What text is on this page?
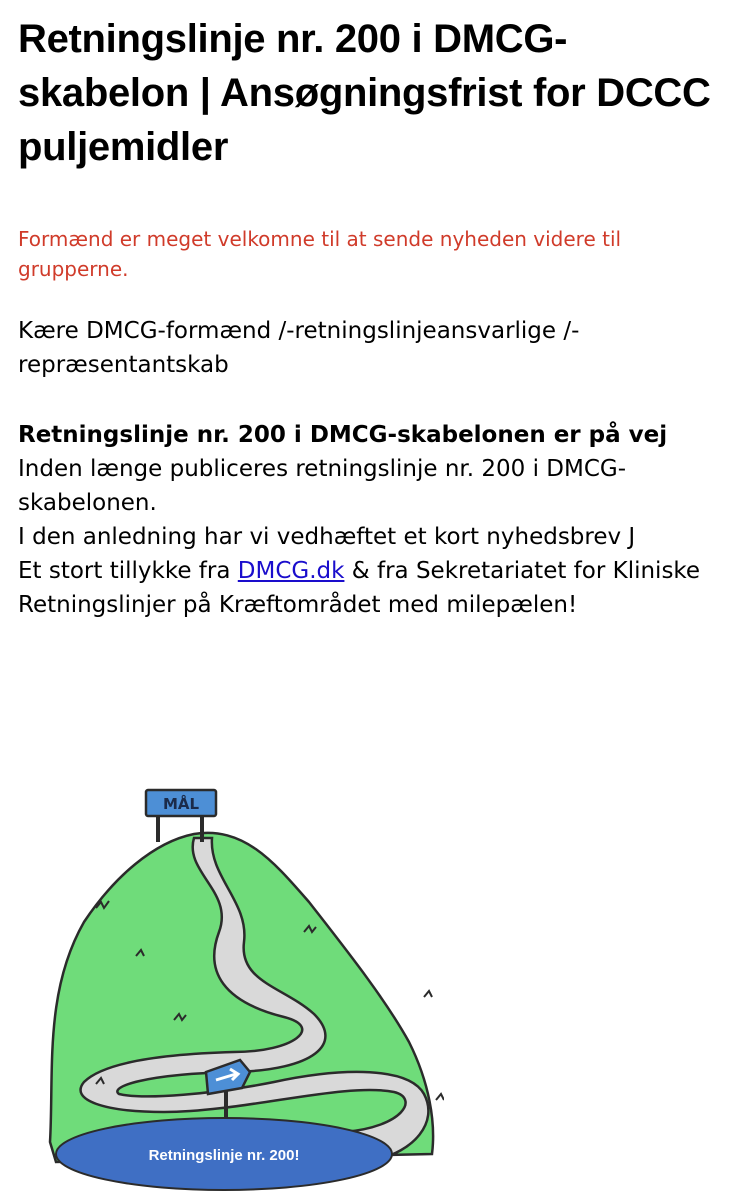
Retningslinje nr. 200 i DMCG-skabelon | Ansøgningsfrist for DCCC puljemidler
Formænd er meget velkomne til at sende nyheden videre til grupperne.
Kære DMCG-formænd /-retningslinjeansvarlige /-repræsentantskab

Retningslinje nr. 200 i DMCG-skabelonen er på vej

Inden længe publiceres retningslinje nr. 200 i DMCG-skabelonen.

I den anledning har vi vedhæftet et kort nyhedsbrev J

Et stort tillykke fra DMCG.dk & fra Sekretariatet for Kliniske Retningslinjer på Kræftområdet med milepælen!

MÅL
Retningslinje nr. 200!
